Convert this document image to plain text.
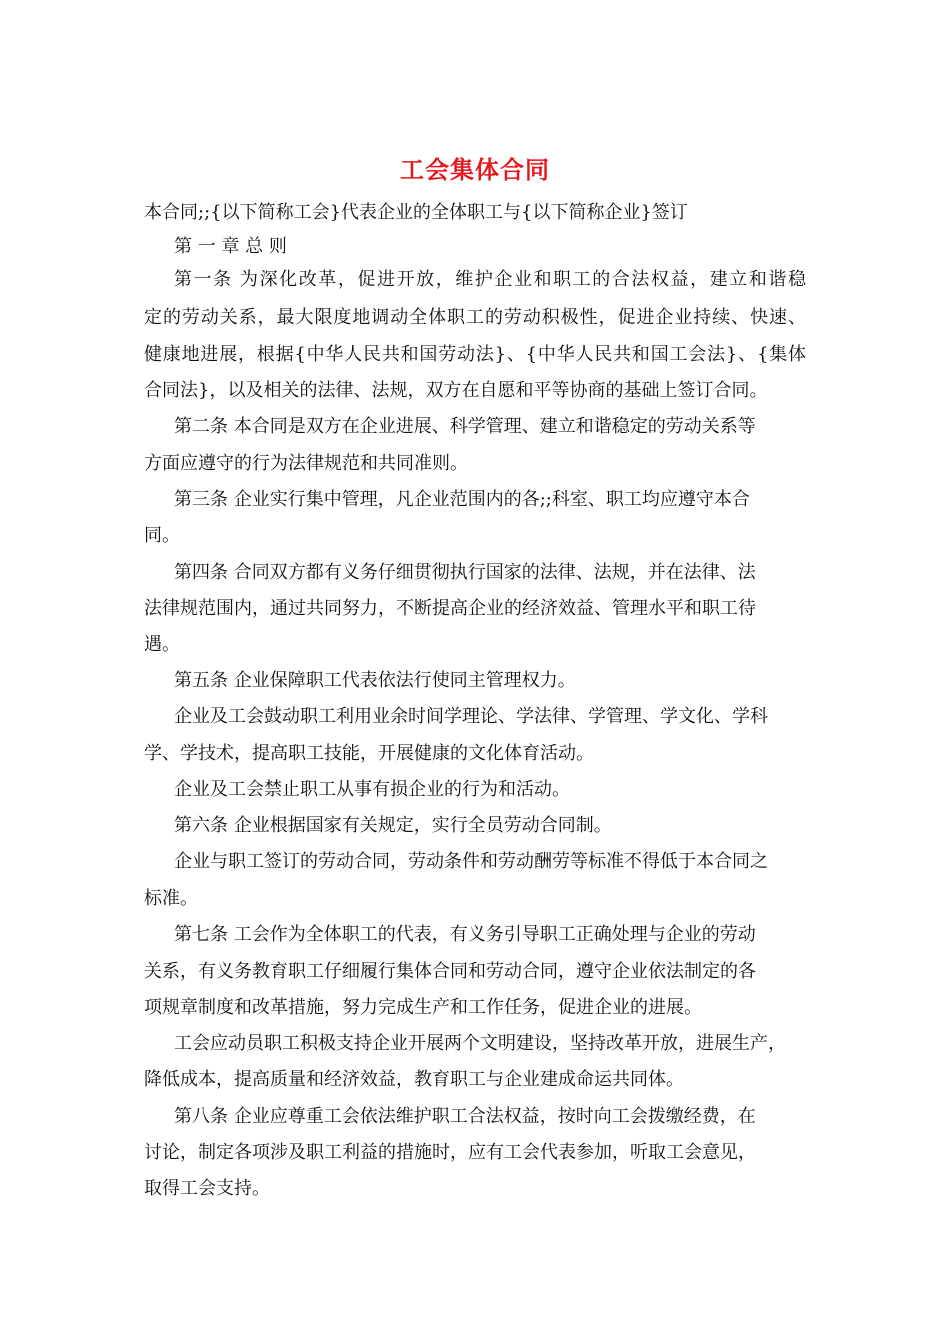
工会集体合同

本合同;;{以下简称工会}代表企业的全体职工与{以下简称企业}签订

第 一 章 总 则

第一条 为深化改革，促进开放，维护企业和职工的合法权益，建立和谐稳

定的劳动关系，最大限度地调动全体职工的劳动积极性，促进企业持续、快速、

健康地进展，根据{中华人民共和国劳动法}、{中华人民共和国工会法}、{集体

合同法}，以及相关的法律、法规，双方在自愿和平等协商的基础上签订合同。

第二条 本合同是双方在企业进展、科学管理、建立和谐稳定的劳动关系等

方面应遵守的行为法律规范和共同准则。

第三条 企业实行集中管理，凡企业范围内的各;;科室、职工均应遵守本合

同。

第四条 合同双方都有义务仔细贯彻执行国家的法律、法规，并在法律、法

法律规范围内，通过共同努力，不断提高企业的经济效益、管理水平和职工待

遇。

第五条 企业保障职工代表依法行使同主管理权力。

企业及工会鼓动职工利用业余时间学理论、学法律、学管理、学文化、学科

学、学技术，提高职工技能，开展健康的文化体育活动。

企业及工会禁止职工从事有损企业的行为和活动。

第六条 企业根据国家有关规定，实行全员劳动合同制。

企业与职工签订的劳动合同，劳动条件和劳动酬劳等标准不得低于本合同之

标准。

第七条 工会作为全体职工的代表，有义务引导职工正确处理与企业的劳动

关系，有义务教育职工仔细履行集体合同和劳动合同，遵守企业依法制定的各

项规章制度和改革措施，努力完成生产和工作任务，促进企业的进展。

工会应动员职工积极支持企业开展两个文明建设，坚持改革开放，进展生产，

降低成本，提高质量和经济效益，教育职工与企业建成命运共同体。

第八条 企业应尊重工会依法维护职工合法权益，按时向工会拨缴经费，在

讨论，制定各项涉及职工利益的措施时，应有工会代表参加，听取工会意见，

取得工会支持。
